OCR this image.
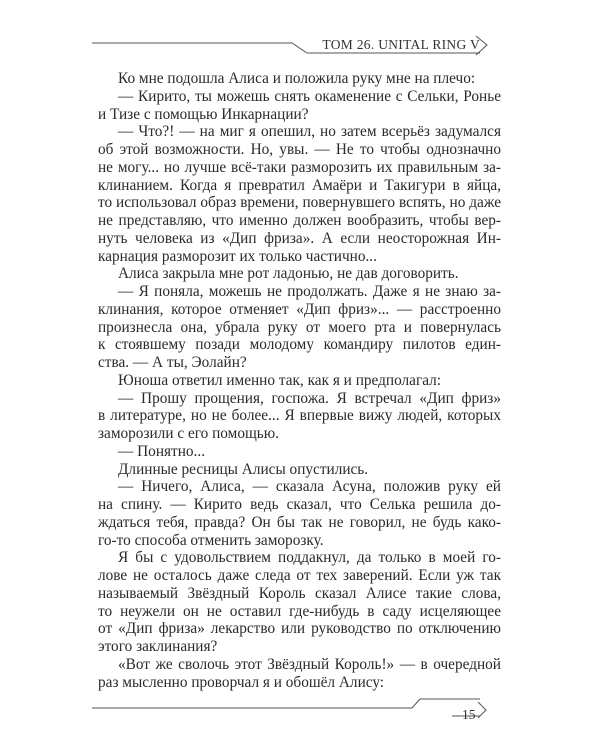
ТОМ 26. UNITAL RING V
Ко мне подошла Алиса и положила руку мне на плечо:
— Кирито, ты можешь снять окаменение с Сельки, Ронье
и Тизе с помощью Инкарнации?
— Что?! — на миг я опешил, но затем всерьёз задумался
об этой возможности. Но, увы. — Не то чтобы однозначно
не могу... но лучше всё-таки разморозить их правильным за-
клинанием. Когда я превратил Амаёри и Такигури в яйца,
то использовал образ времени, повернувшего вспять, но даже
не представляю, что именно должен вообразить, чтобы вер-
нуть человека из «Дип фриза». А если неосторожная Ин-
карнация разморозит их только частично...
Алиса закрыла мне рот ладонью, не дав договорить.
— Я поняла, можешь не продолжать. Даже я не знаю за-
клинания, которое отменяет «Дип фриз»... — расстроенно
произнесла она, убрала руку от моего рта и повернулась
к стоявшему позади молодому командиру пилотов един-
ства. — А ты, Эолайн?
Юноша ответил именно так, как я и предполагал:
— Прошу прощения, госпожа. Я встречал «Дип фриз»
в литературе, но не более... Я впервые вижу людей, которых
заморозили с его помощью.
— Понятно...
Длинные ресницы Алисы опустились.
— Ничего, Алиса, — сказала Асуна, положив руку ей
на спину. — Кирито ведь сказал, что Селька решила до-
ждаться тебя, правда? Он бы так не говорил, не будь како-
го-то способа отменить заморозку.
Я бы с удовольствием поддакнул, да только в моей го-
лове не осталось даже следа от тех заверений. Если уж так
называемый Звёздный Король сказал Алисе такие слова,
то неужели он не оставил где-нибудь в саду исцеляющее
от «Дип фриза» лекарство или руководство по отключению
этого заклинания?
«Вот же сволочь этот Звёздный Король!» — в очередной
раз мысленно проворчал я и обошёл Алису:
15
